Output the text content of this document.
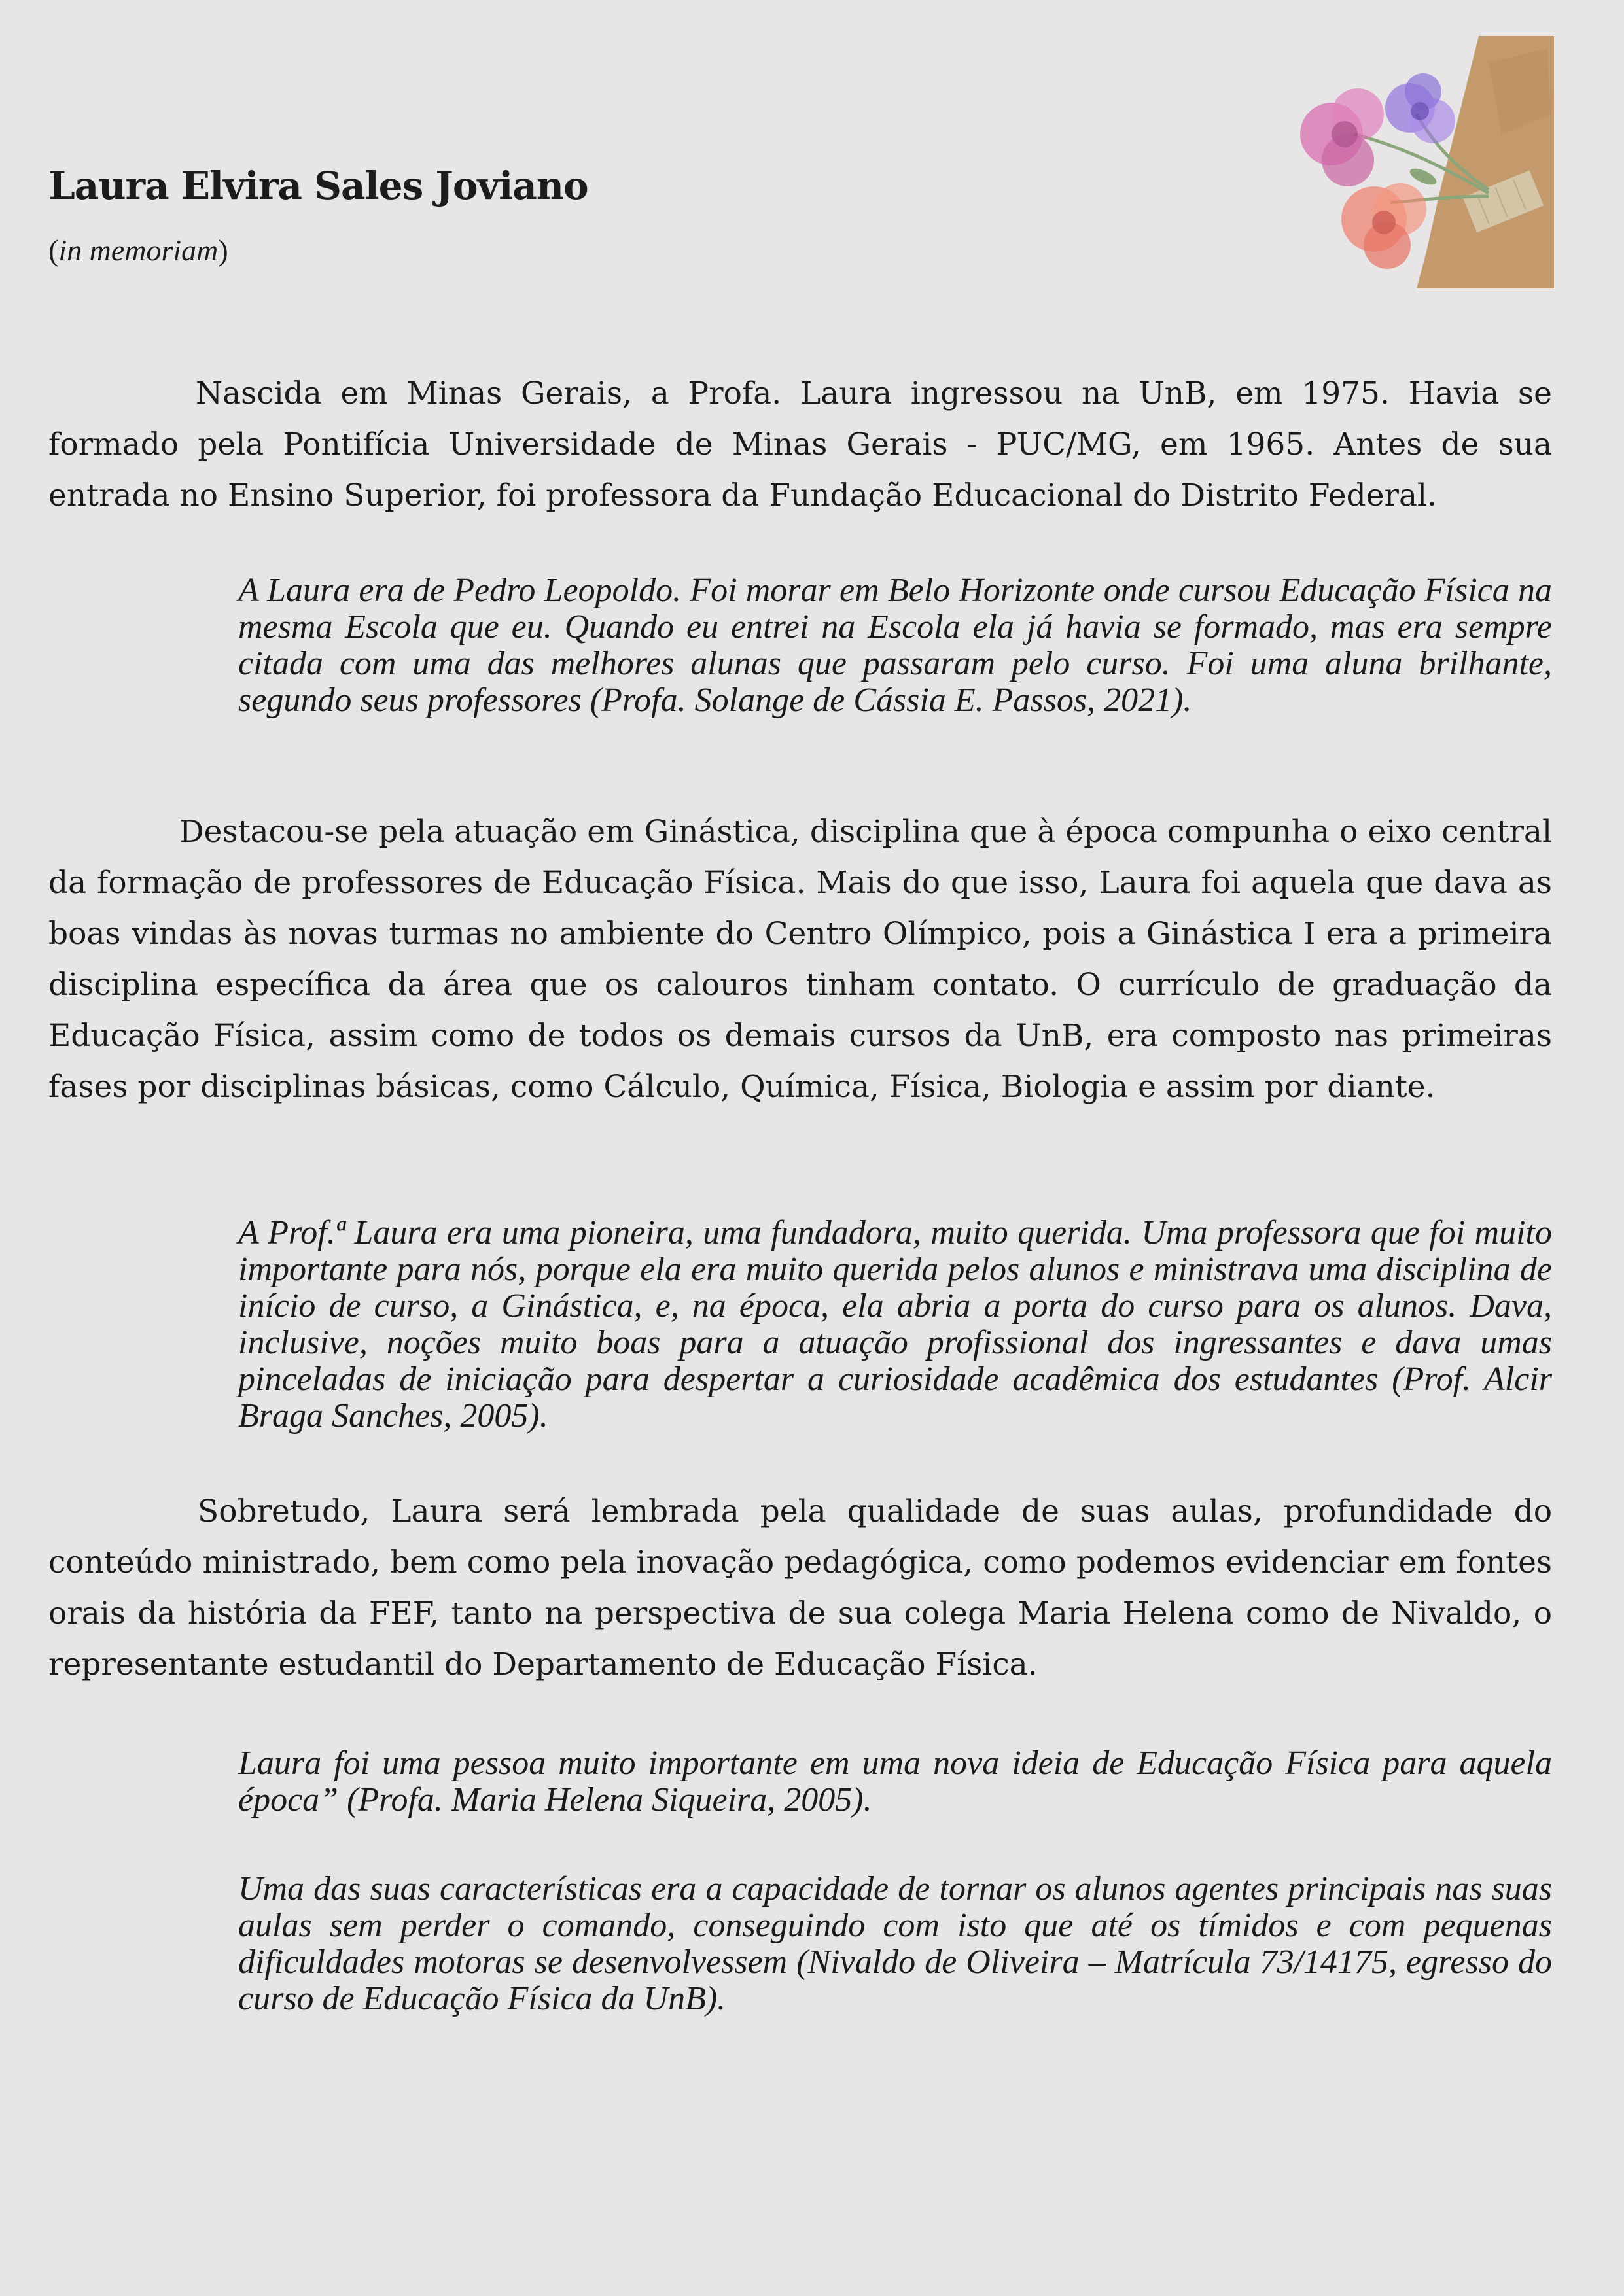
Laura Elvira Sales Joviano

(in memoriam)

Nascida em Minas Gerais, a Profa. Laura ingressou na UnB, em 1975. Havia se formado pela Pontifícia Universidade de Minas Gerais - PUC/MG, em 1965. Antes de sua entrada no Ensino Superior, foi professora da Fundação Educacional do Distrito Federal.

A Laura era de Pedro Leopoldo. Foi morar em Belo Horizonte onde cursou Educação Física na mesma Escola que eu. Quando eu entrei na Escola ela já havia se formado, mas era sempre citada com uma das melhores alunas que passaram pelo curso. Foi uma aluna brilhante, segundo seus professores (Profa. Solange de Cássia E. Passos, 2021).

Destacou-se pela atuação em Ginástica, disciplina que à época compunha o eixo central da formação de professores de Educação Física. Mais do que isso, Laura foi aquela que dava as boas vindas às novas turmas no ambiente do Centro Olímpico, pois a Ginástica I era a primeira disciplina específica da área que os calouros tinham contato. O currículo de graduação da Educação Física, assim como de todos os demais cursos da UnB, era composto nas primeiras fases por disciplinas básicas, como Cálculo, Química, Física, Biologia e assim por diante.

A Prof.ª Laura era uma pioneira, uma fundadora, muito querida. Uma professora que foi muito importante para nós, porque ela era muito querida pelos alunos e ministrava uma disciplina de início de curso, a Ginástica, e, na época, ela abria a porta do curso para os alunos. Dava, inclusive, noções muito boas para a atuação profissional dos ingressantes e dava umas pinceladas de iniciação para despertar a curiosidade acadêmica dos estudantes (Prof. Alcir Braga Sanches, 2005).

Sobretudo, Laura será lembrada pela qualidade de suas aulas, profundidade do conteúdo ministrado, bem como pela inovação pedagógica, como podemos evidenciar em fontes orais da história da FEF, tanto na perspectiva de sua colega Maria Helena como de Nivaldo, o representante estudantil do Departamento de Educação Física.

Laura foi uma pessoa muito importante em uma nova ideia de Educação Física para aquela época” (Profa. Maria Helena Siqueira, 2005).

Uma das suas características era a capacidade de tornar os alunos agentes principais nas suas aulas sem perder o comando, conseguindo com isto que até os tímidos e com pequenas dificuldades motoras se desenvolvessem (Nivaldo de Oliveira – Matrícula 73/14175, egresso do curso de Educação Física da UnB).
